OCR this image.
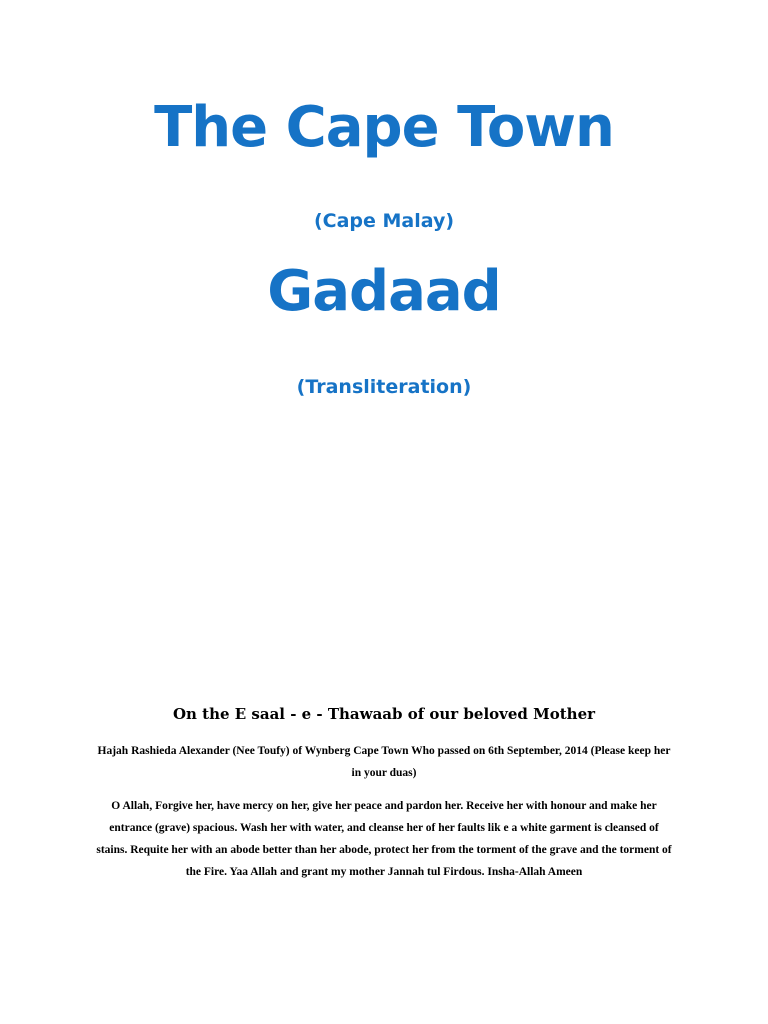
The Cape Town
(Cape Malay)
Gadaad
(Transliteration)
On the E saal - e - Thawaab of our beloved Mother
Hajah Rashieda Alexander (Nee Toufy) of Wynberg Cape Town Who passed on 6th September, 2014 (Please keep her in your duas)
O Allah, Forgive her, have mercy on her, give her peace and pardon her. Receive her with honour and make her entrance (grave) spacious. Wash her with water, and cleanse her of her faults lik e a white garment is cleansed of stains. Requite her with an abode better than her abode, protect her from the torment of the grave and the torment of the Fire. Yaa Allah and grant my mother Jannah tul Firdous. Insha-Allah Ameen
